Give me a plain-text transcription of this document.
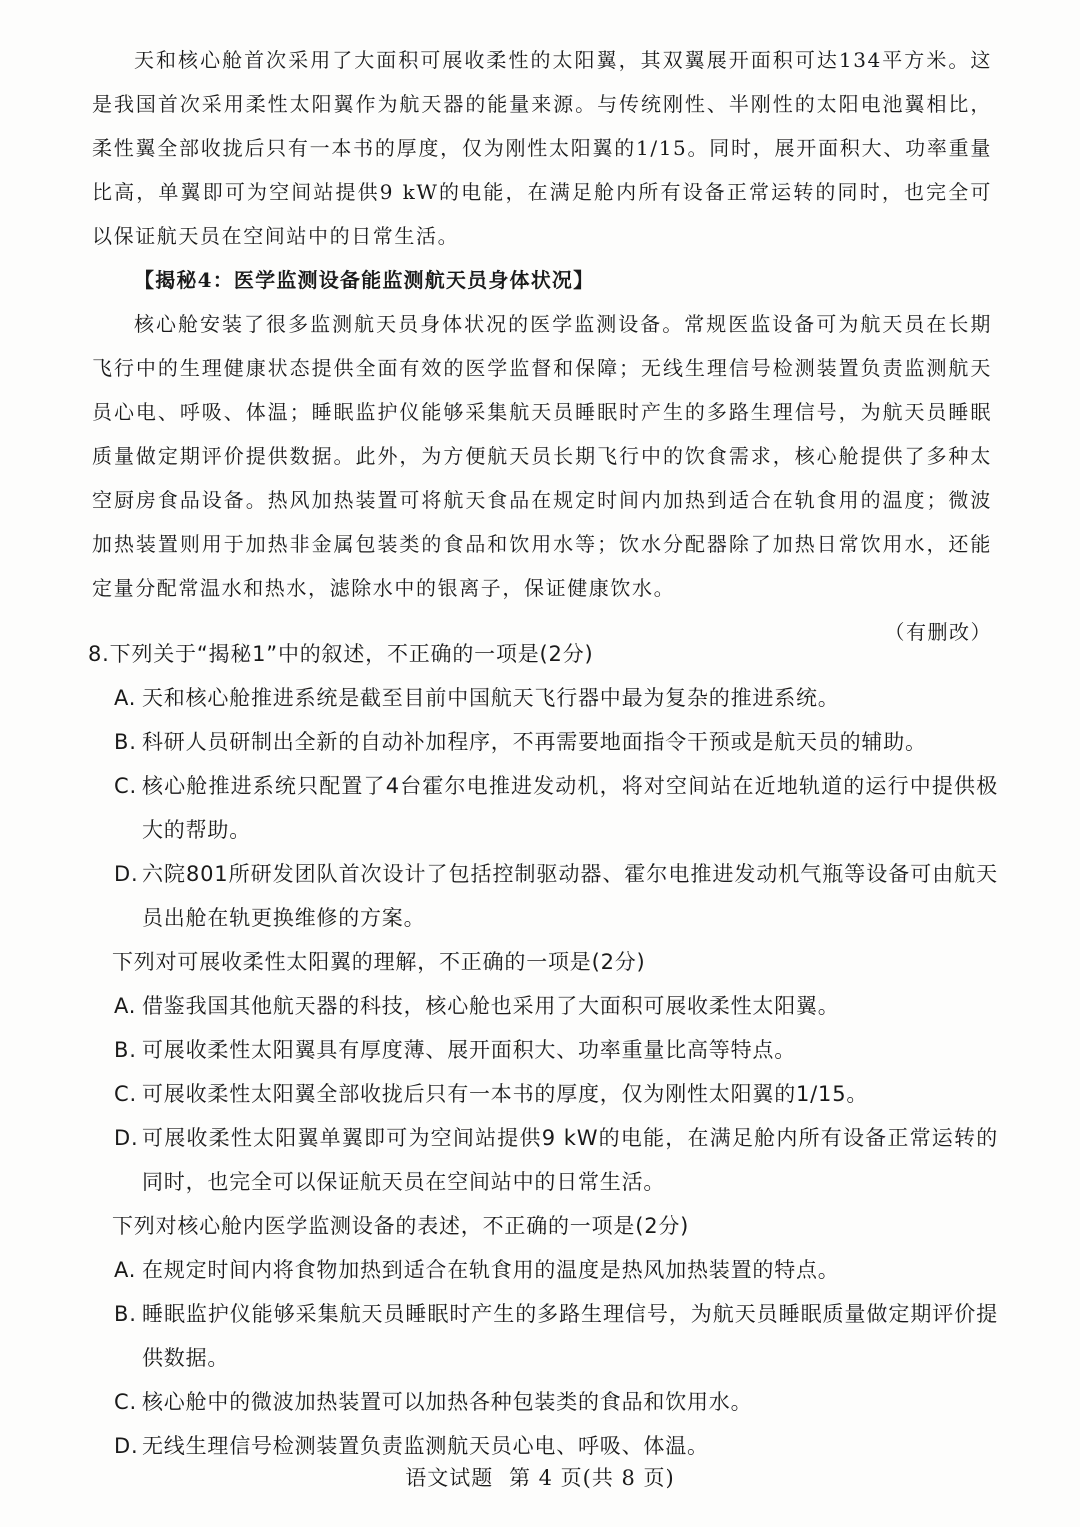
天和核心舱首次采用了大面积可展收柔性的太阳翼，其双翼展开面积可达134平方米。这是我国首次采用柔性太阳翼作为航天器的能量来源。与传统刚性、半刚性的太阳电池翼相比，柔性翼全部收拢后只有一本书的厚度，仅为刚性太阳翼的1/15。同时，展开面积大、功率重量比高，单翼即可为空间站提供9 kW的电能，在满足舱内所有设备正常运转的同时，也完全可以保证航天员在空间站中的日常生活。

【揭秘4：医学监测设备能监测航天员身体状况】

核心舱安装了很多监测航天员身体状况的医学监测设备。常规医监设备可为航天员在长期飞行中的生理健康状态提供全面有效的医学监督和保障；无线生理信号检测装置负责监测航天员心电、呼吸、体温；睡眠监护仪能够采集航天员睡眠时产生的多路生理信号，为航天员睡眠质量做定期评价提供数据。此外，为方便航天员长期飞行中的饮食需求，核心舱提供了多种太空厨房食品设备。热风加热装置可将航天食品在规定时间内加热到适合在轨食用的温度；微波加热装置则用于加热非金属包装类的食品和饮用水等；饮水分配器除了加热日常饮用水，还能定量分配常温水和热水，滤除水中的银离子，保证健康饮水。

（有删改）

8.下列关于“揭秘1”中的叙述，不正确的一项是(2分)

A. 天和核心舱推进系统是截至目前中国航天飞行器中最为复杂的推进系统。
B. 科研人员研制出全新的自动补加程序，不再需要地面指令干预或是航天员的辅助。
C. 核心舱推进系统只配置了4台霍尔电推进发动机，将对空间站在近地轨道的运行中提供极大的帮助。
D. 六院801所研发团队首次设计了包括控制驱动器、霍尔电推进发动机气瓶等设备可由航天员出舱在轨更换维修的方案。

下列对可展收柔性太阳翼的理解，不正确的一项是(2分)

A. 借鉴我国其他航天器的科技，核心舱也采用了大面积可展收柔性太阳翼。
B. 可展收柔性太阳翼具有厚度薄、展开面积大、功率重量比高等特点。
C. 可展收柔性太阳翼全部收拢后只有一本书的厚度，仅为刚性太阳翼的1/15。
D. 可展收柔性太阳翼单翼即可为空间站提供9 kW的电能，在满足舱内所有设备正常运转的同时，也完全可以保证航天员在空间站中的日常生活。

下列对核心舱内医学监测设备的表述，不正确的一项是(2分)

A. 在规定时间内将食物加热到适合在轨食用的温度是热风加热装置的特点。
B. 睡眠监护仪能够采集航天员睡眠时产生的多路生理信号，为航天员睡眠质量做定期评价提供数据。
C. 核心舱中的微波加热装置可以加热各种包装类的食品和饮用水。
D. 无线生理信号检测装置负责监测航天员心电、呼吸、体温。
语文试题 第 4 页(共 8 页)
